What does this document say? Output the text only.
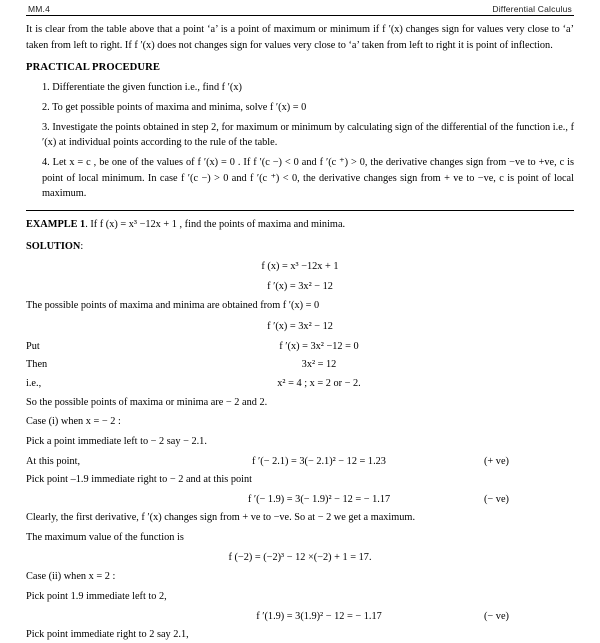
MM.4	Differential Calculus

It is clear from the table above that a point ‘a’ is a point of maximum or minimum if f ′(x) changes sign for values very close to ‘a’ taken from left to right. If f ′(x) does not changes sign for values very close to ‘a’ taken from left to right it is point of inflection.

PRACTICAL PROCEDURE

1. Differentiate the given function i.e., find f ′(x)

2. To get possible points of maxima and minima, solve f ′(x) = 0

3. Investigate the points obtained in step 2, for maximum or minimum by calculating sign of the differential of the function i.e., f ′(x) at individual points according to the rule of the table.

4. Let x = c , be one of the values of f ′(x) = 0 . If f ′(c −) < 0 and f ′(c ⁺) > 0, the derivative changes sign from −ve to +ve, c is point of local minimum. In case f ′(c −) > 0 and f ′(c ⁺) < 0, the derivative changes sign from + ve to −ve, c is point of local maximum.

EXAMPLE 1. If f (x) = x³ −12x + 1 , find the points of maxima and minima.

SOLUTION:

f (x) = x³ −12x + 1

f ′(x) = 3x² − 12

The possible points of maxima and minima are obtained from f ′(x) = 0

f ′(x) = 3x² − 12

Put	f ′(x) = 3x² −12 = 0
Then	3x² = 12
i.e.,	x² = 4 ; x = 2 or − 2.

So the possible points of maxima or minima are − 2 and 2.

Case (i) when x = − 2 :

Pick a point immediate left to − 2 say − 2.1.

At this point,	f ′(− 2.1) = 3(− 2.1)² − 12 = 1.23	(+ ve)

Pick point –1.9 immediate right to − 2 and at this point

f ′(− 1.9) = 3(− 1.9)² − 12 = − 1.17	(− ve)

Clearly, the first derivative, f ′(x) changes sign from + ve to −ve. So at − 2 we get a maximum.

The maximum value of the function is

f (−2) = (−2)³ − 12 ×(−2) + 1 = 17.

Case (ii) when x = 2 :

Pick point 1.9 immediate left to 2,

f ′(1.9) = 3(1.9)² − 12 = − 1.17	(− ve)

Pick point immediate right to 2 say 2.1,
